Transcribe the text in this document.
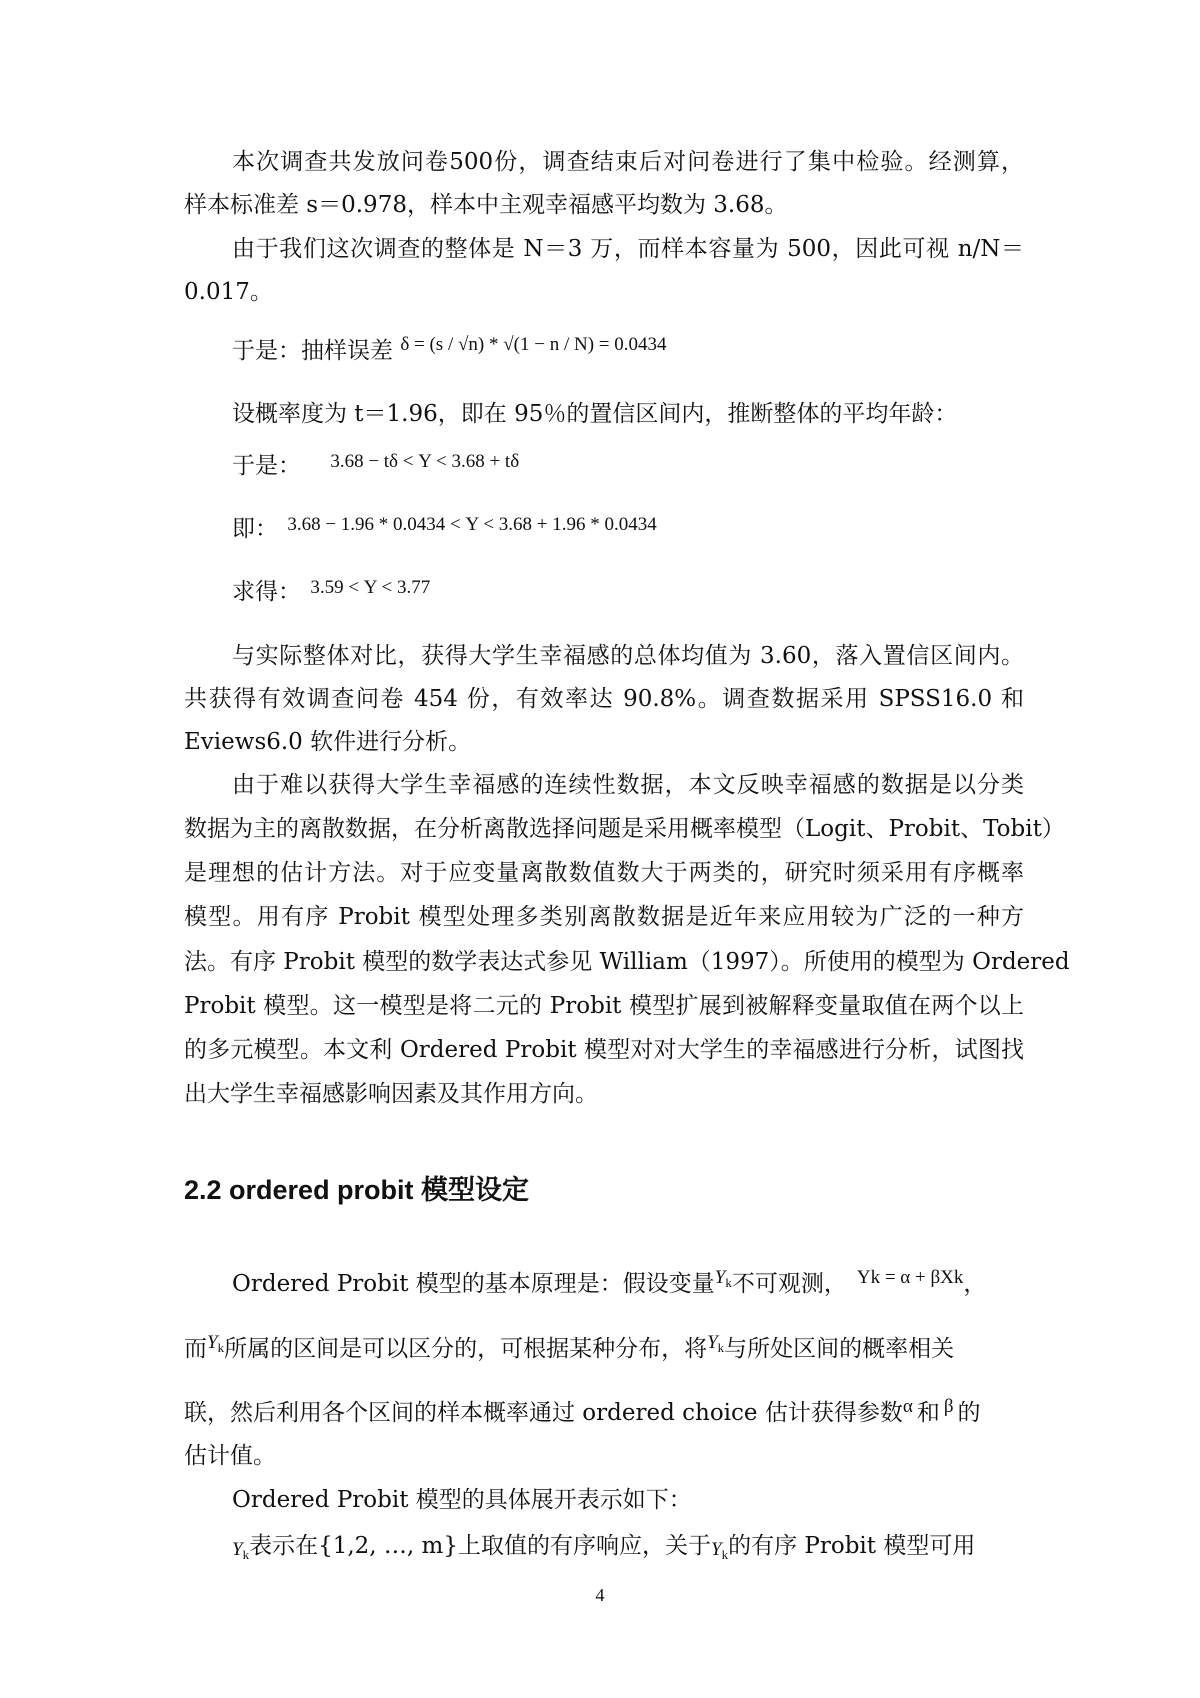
本次调查共发放问卷500份，调查结束后对问卷进行了集中检验。经测算，
样本标准差 s＝0.978，样本中主观幸福感平均数为 3.68。
由于我们这次调查的整体是 N＝3 万，而样本容量为 500，因此可视 n/N＝
0.017。
于是：抽样误差 $^{\delta = (s / √n) * √(1 - n / N) = 0.0434}$
设概率度为 t＝1.96，即在 95％的置信区间内，推断整体的平均年龄：
于是： $^{3.68 - t\delta < Y < 3.68 + t\delta}$
即： $^{3.68 - 1.96 * 0.0434 < Y < 3.68 + 1.96 * 0.0434}$
求得： $^{3.59 < Y < 3.77}$
与实际整体对比，获得大学生幸福感的总体均值为 3.60，落入置信区间内。
共获得有效调查问卷 454 份，有效率达 90.8%。调查数据采用 SPSS16.0 和
Eviews6.0 软件进行分析。
由于难以获得大学生幸福感的连续性数据，本文反映幸福感的数据是以分类
数据为主的离散数据，在分析离散选择问题是采用概率模型（Logit、Probit、Tobit）
是理想的估计方法。对于应变量离散数值数大于两类的，研究时须采用有序概率
模型。用有序 Probit 模型处理多类别离散数据是近年来应用较为广泛的一种方
法。有序 Probit 模型的数学表达式参见 William（1997）。所使用的模型为 Ordered
Probit 模型。这一模型是将二元的 Probit 模型扩展到被解释变量取值在两个以上
的多元模型。本文利 Ordered Probit 模型对对大学生的幸福感进行分析，试图找
出大学生幸福感影响因素及其作用方向。
2.2 ordered probit 模型设定
Ordered Probit 模型的基本原理是：假设变量$^{Y_k}$不可观测， $^{Yk = \alpha + \beta Xk}$，
而$^{Y_k}$所属的区间是可以区分的，可根据某种分布，将$^{Y_k}$与所处区间的概率相关
联，然后利用各个区间的样本概率通过 ordered choice 估计获得参数$^\alpha$ 和 $^\beta$ 的
估计值。
Ordered Probit 模型的具体展开表示如下：
$Y_k$表示在{1,2, …, m}上取值的有序响应，关于$Y_k$的有序 Probit 模型可用
4
